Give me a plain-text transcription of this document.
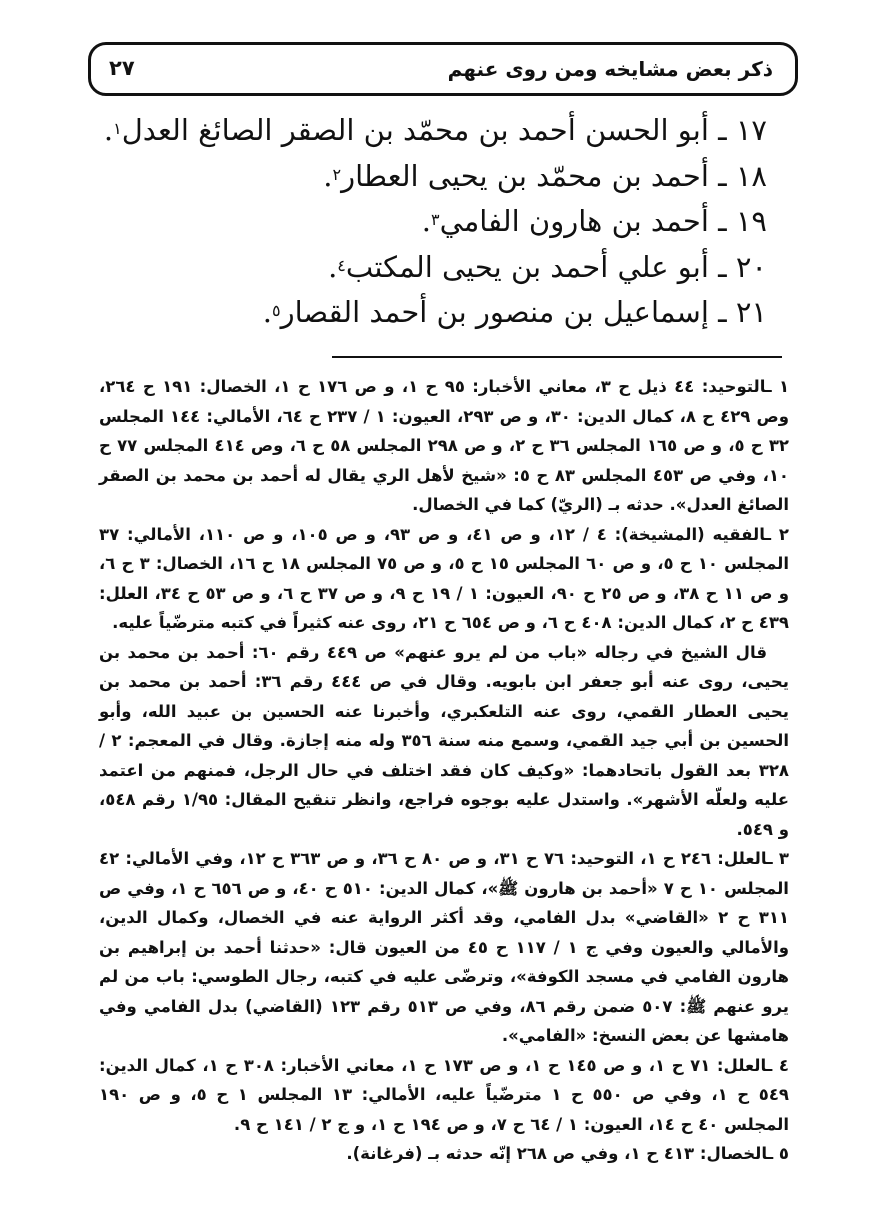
ذكر بعض مشايخه ومن روى عنهم
٢٧
١٧ ـ أبو الحسن أحمد بن محمّد بن الصقر الصائغ العدل$^١$.
١٨ ـ أحمد بن محمّد بن يحيى العطار$^٢$.
١٩ ـ أحمد بن هارون الفامي$^٣$.
٢٠ ـ أبو علي أحمد بن يحيى المكتب$^٤$.
٢١ ـ إسماعيل بن منصور بن أحمد القصار$^٥$.

١ ـالتوحيد: ٤٤ ذيل ح ٣، معاني الأخبار: ٩٥ ح ١، و ص ١٧٦ ح ١، الخصال: ١٩١ ح ٢٦٤، وص ٤٢٩ ح ٨، كمال الدين: ٣٠، و ص ٢٩٣، العيون: ١ / ٢٣٧ ح ٦٤، الأمالي: ١٤٤ المجلس ٣٢ ح ٥، و ص ١٦٥ المجلس ٣٦ ح ٢، و ص ٢٩٨ المجلس ٥٨ ح ٦، وص ٤١٤ المجلس ٧٧ ح ١٠، وفي ص ٤٥٣ المجلس ٨٣ ح ٥: «شيخ لأهل الري يقال له أحمد بن محمد بن الصقر الصائغ العدل». حدثه بـ (الريّ) كما في الخصال.

٢ ـالفقيه (المشيخة): ٤ / ١٢، و ص ٤١، و ص ٩٣، و ص ١٠٥، و ص ١١٠، الأمالي: ٣٧ المجلس ١٠ ح ٥، و ص ٦٠ المجلس ١٥ ح ٥، و ص ٧٥ المجلس ١٨ ح ١٦، الخصال: ٣ ح ٦، و ص ١١ ح ٣٨، و ص ٢٥ ح ٩٠، العيون: ١ / ١٩ ح ٩، و ص ٣٧ ح ٦، و ص ٥٣ ح ٣٤، العلل: ٤٣٩ ح ٢، كمال الدين: ٤٠٨ ح ٦، و ص ٦٥٤ ح ٢١، روى عنه كثيراً في كتبه مترضّياً عليه.

قال الشيخ في رجاله «باب من لم يرو عنهم» ص ٤٤٩ رقم ٦٠: أحمد بن محمد بن يحيى، روى عنه أبو جعفر ابن بابويه. وقال في ص ٤٤٤ رقم ٣٦: أحمد بن محمد بن يحيى العطار القمي، روى عنه التلعكبري، وأخبرنا عنه الحسين بن عبيد الله، وأبو الحسين بن أبي جيد القمي، وسمع منه سنة ٣٥٦ وله منه إجازة. وقال في المعجم: ٢ / ٣٢٨ بعد القول باتحادهما: «وكيف كان فقد اختلف في حال الرجل، فمنهم من اعتمد عليه ولعلّه الأشهر». واستدل عليه بوجوه فراجع، وانظر تنقيح المقال: ١/٩٥ رقم ٥٤٨، و ٥٤٩.

٣ ـالعلل: ٢٤٦ ح ١، التوحيد: ٧٦ ح ٣١، و ص ٨٠ ح ٣٦، و ص ٣٦٣ ح ١٢، وفي الأمالي: ٤٢ المجلس ١٠ ح ٧ «أحمد بن هارون ﷺ»، كمال الدين: ٥١٠ ح ٤٠، و ص ٦٥٦ ح ١، وفي ص ٣١١ ح ٢ «القاضي» بدل الفامي، وقد أكثر الرواية عنه في الخصال، وكمال الدين، والأمالي والعيون وفي ج ١ / ١١٧ ح ٤٥ من العيون قال: «حدثنا أحمد بن إبراهيم بن هارون الفامي في مسجد الكوفة»، وترضّى عليه في كتبه، رجال الطوسي: باب من لم يرو عنهم ﷺ: ٥٠٧ ضمن رقم ٨٦، وفي ص ٥١٣ رقم ١٢٣ (القاضي) بدل الفامي وفي هامشها عن بعض النسخ: «الفامي».

٤ ـالعلل: ٧١ ح ١، و ص ١٤٥ ح ١، و ص ١٧٣ ح ١، معاني الأخبار: ٣٠٨ ح ١، كمال الدين: ٥٤٩ ح ١، وفي ص ٥٥٠ ح ١ مترضّياً عليه، الأمالي: ١٣ المجلس ١ ح ٥، و ص ١٩٠ المجلس ٤٠ ح ١٤، العيون: ١ / ٦٤ ح ٧، و ص ١٩٤ ح ١، و ج ٢ / ١٤١ ح ٩.

٥ ـالخصال: ٤١٣ ح ١، وفي ص ٢٦٨ إنّه حدثه بـ (فرغانة).
